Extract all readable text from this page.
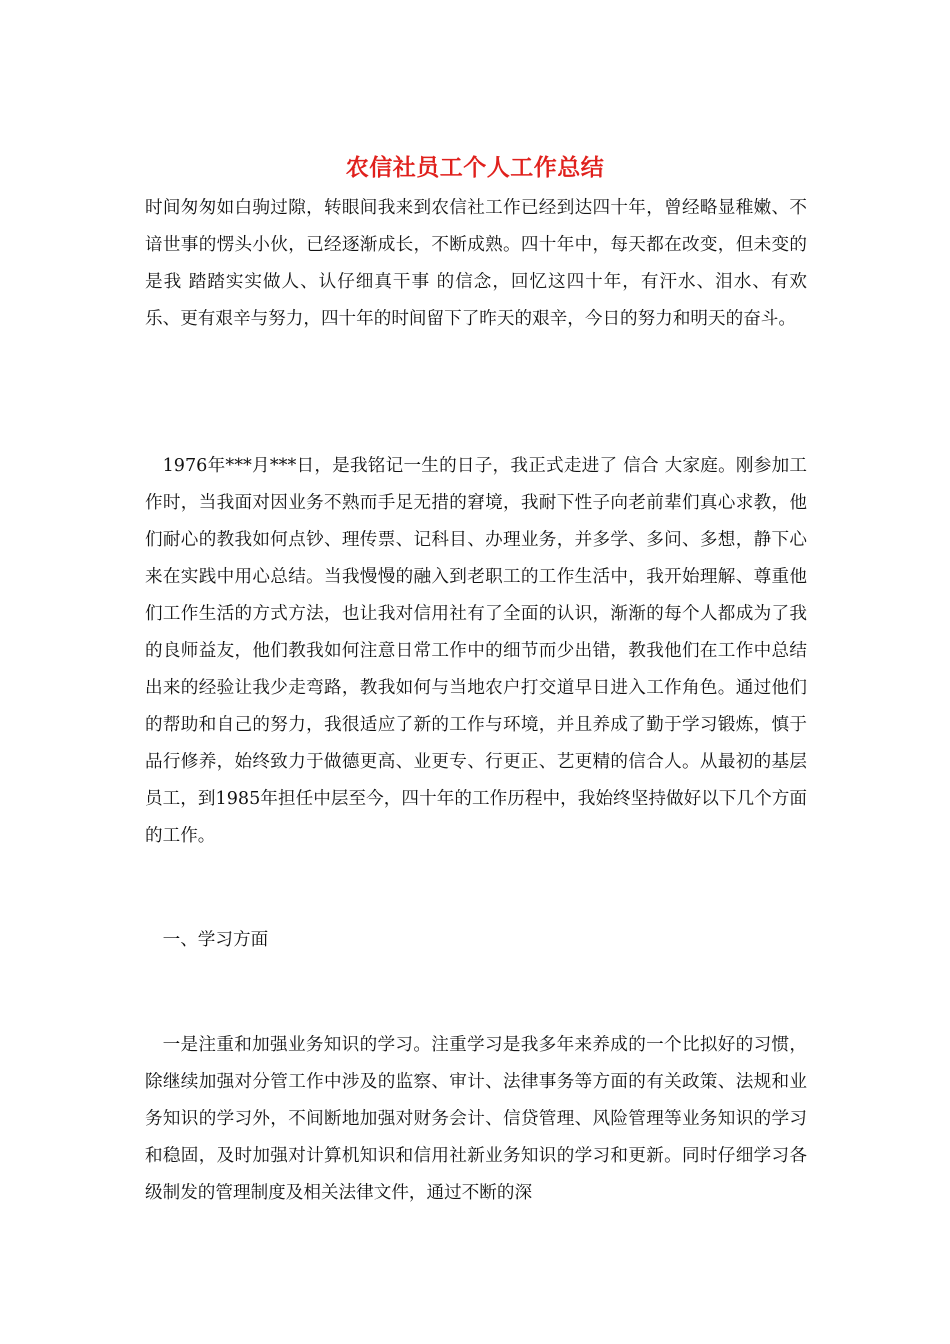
农信社员工个人工作总结
时间匆匆如白驹过隙，转眼间我来到农信社工作已经到达四十年，曾经略显稚嫩、不谙世事的愣头小伙，已经逐渐成长，不断成熟。四十年中，每天都在改变，但未变的是我 踏踏实实做人、认仔细真干事 的信念，回忆这四十年，有汗水、泪水、有欢乐、更有艰辛与努力，四十年的时间留下了昨天的艰辛，今日的努力和明天的奋斗。
1976年***月***日，是我铭记一生的日子，我正式走进了 信合 大家庭。刚参加工作时，当我面对因业务不熟而手足无措的窘境，我耐下性子向老前辈们真心求教，他们耐心的教我如何点钞、理传票、记科目、办理业务，并多学、多问、多想，静下心来在实践中用心总结。当我慢慢的融入到老职工的工作生活中，我开始理解、尊重他们工作生活的方式方法，也让我对信用社有了全面的认识，渐渐的每个人都成为了我的良师益友，他们教我如何注意日常工作中的细节而少出错，教我他们在工作中总结出来的经验让我少走弯路，教我如何与当地农户打交道早日进入工作角色。通过他们的帮助和自己的努力，我很适应了新的工作与环境，并且养成了勤于学习锻炼，慎于品行修养，始终致力于做德更高、业更专、行更正、艺更精的信合人。从最初的基层员工，到1985年担任中层至今，四十年的工作历程中，我始终坚持做好以下几个方面的工作。
一、学习方面
一是注重和加强业务知识的学习。注重学习是我多年来养成的一个比拟好的习惯，除继续加强对分管工作中涉及的监察、审计、法律事务等方面的有关政策、法规和业务知识的学习外，不间断地加强对财务会计、信贷管理、风险管理等业务知识的学习和稳固，及时加强对计算机知识和信用社新业务知识的学习和更新。同时仔细学习各级制发的管理制度及相关法律文件，通过不断的深
